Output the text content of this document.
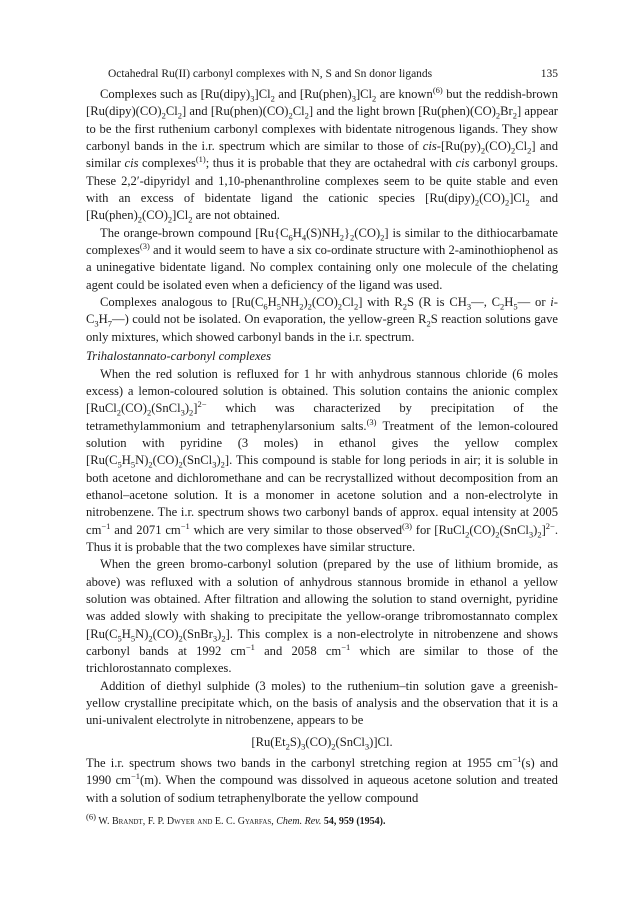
Octahedral Ru(II) carbonyl complexes with N, S and Sn donor ligands	135

Complexes such as $[Ru(dipy)_3]Cl_2$ and $[Ru(phen)_3]Cl_2$ are known$^{(6)}$ but the reddish-brown $[Ru(dipy)(CO)_2Cl_2]$ and $[Ru(phen)(CO)_2Cl_2]$ and the light brown $[Ru(phen)(CO)_2Br_2]$ appear to be the first ruthenium carbonyl complexes with bidentate nitrogenous ligands. They show carbonyl bands in the i.r. spectrum which are similar to those of cis-$[Ru(py)_2(CO)_2Cl_2]$ and similar cis complexes$^{(1)}$; thus it is probable that they are octahedral with cis carbonyl groups. These 2,2′-dipyridyl and 1,10-phenanthroline complexes seem to be quite stable and even with an excess of bidentate ligand the cationic species $[Ru(dipy)_2(CO)_2]Cl_2$ and $[Ru(phen)_2(CO)_2]Cl_2$ are not obtained.

The orange-brown compound $[Ru\{C_6H_4(S)NH_2\}_2(CO)_2]$ is similar to the dithiocarbamate complexes$^{(3)}$ and it would seem to have a six co-ordinate structure with 2-aminothiophenol as a uninegative bidentate ligand. No complex containing only one molecule of the chelating agent could be isolated even when a deficiency of the ligand was used.

Complexes analogous to $[Ru(C_6H_5NH_2)_2(CO)_2Cl_2]$ with $R_2S$ (R is $CH_3—$, $C_2H_5—$ or $i-C_3H_7—$) could not be isolated. On evaporation, the yellow-green $R_2S$ reaction solutions gave only mixtures, which showed carbonyl bands in the i.r. spectrum.

Trihalostannato-carbonyl complexes

When the red solution is refluxed for 1 hr with anhydrous stannous chloride (6 moles excess) a lemon-coloured solution is obtained. This solution contains the anionic complex $[RuCl_2(CO)_2(SnCl_3)_2]^{2-}$ which was characterized by precipitation of the tetramethylammonium and tetraphenylarsonium salts.$^{(3)}$ Treatment of the lemon-coloured solution with pyridine (3 moles) in ethanol gives the yellow complex $[Ru(C_5H_5N)_2(CO)_2(SnCl_3)_2]$. This compound is stable for long periods in air; it is soluble in both acetone and dichloromethane and can be recrystallized without decomposition from an ethanol–acetone solution. It is a monomer in acetone solution and a non-electrolyte in nitrobenzene. The i.r. spectrum shows two carbonyl bands of approx. equal intensity at 2005 $cm^{-1}$ and 2071 $cm^{-1}$ which are very similar to those observed$^{(3)}$ for $[RuCl_2(CO)_2(SnCl_3)_2]^{2-}$. Thus it is probable that the two complexes have similar structure.

When the green bromo-carbonyl solution (prepared by the use of lithium bromide, as above) was refluxed with a solution of anhydrous stannous bromide in ethanol a yellow solution was obtained. After filtration and allowing the solution to stand overnight, pyridine was added slowly with shaking to precipitate the yellow-orange tribromostannato complex $[Ru(C_5H_5N)_2(CO)_2(SnBr_3)_2]$. This complex is a non-electrolyte in nitrobenzene and shows carbonyl bands at 1992 $cm^{-1}$ and 2058 $cm^{-1}$ which are similar to those of the trichlorostannato complexes.

Addition of diethyl sulphide (3 moles) to the ruthenium–tin solution gave a greenish-yellow crystalline precipitate which, on the basis of analysis and the observation that it is a uni-univalent electrolyte in nitrobenzene, appears to be

$[Ru(Et_2S)_3(CO)_2(SnCl_3)]Cl$.

The i.r. spectrum shows two bands in the carbonyl stretching region at 1955 $cm^{-1}(s)$ and 1990 $cm^{-1}(m)$. When the compound was dissolved in aqueous acetone solution and treated with a solution of sodium tetraphenylborate the yellow compound

$^{(6)}$ W. Brandt, F. P. Dwyer and E. C. Gyarfas, Chem. Rev. 54, 959 (1954).
